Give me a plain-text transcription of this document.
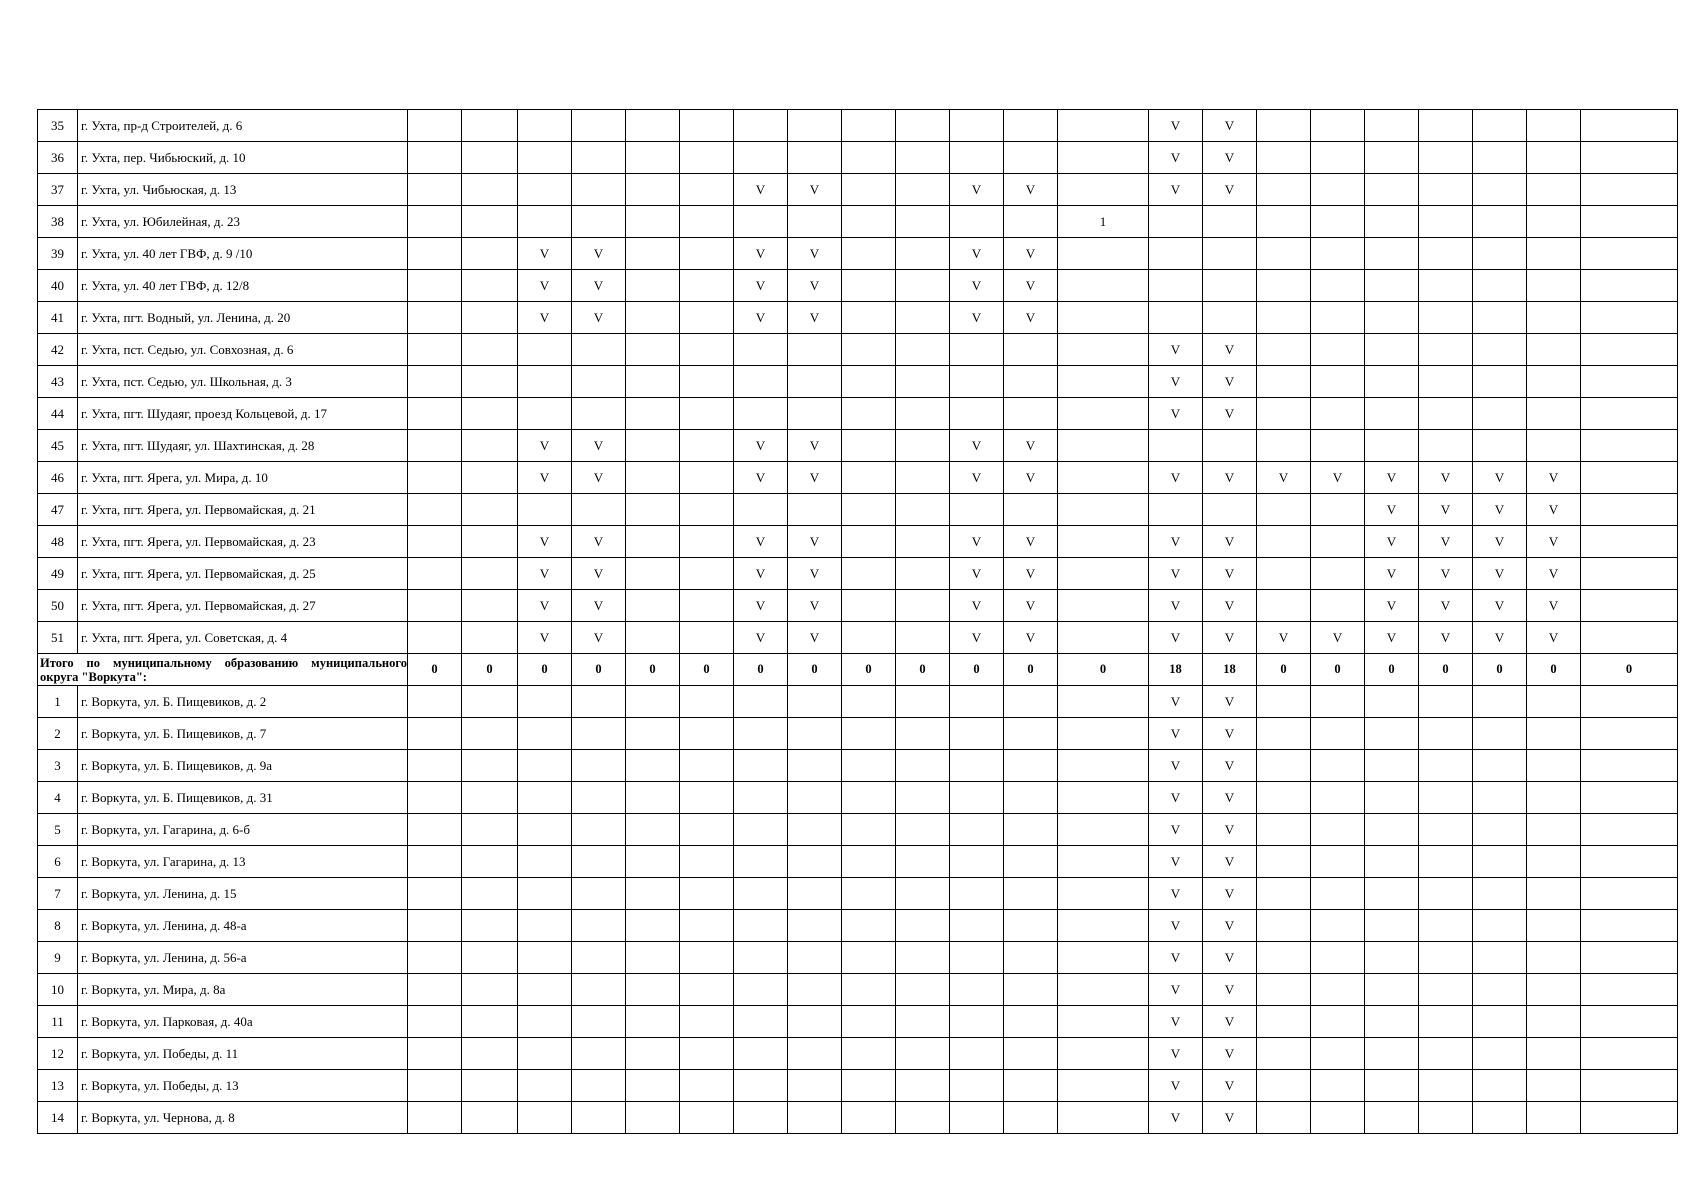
35	г. Ухта, пр-д Строителей, д. 6														V	V							
36	г. Ухта, пер. Чибьюский, д. 10														V	V							
37	г. Ухта, ул. Чибьюская, д. 13							V	V			V	V		V	V							
38	г. Ухта, ул. Юбилейная, д. 23													1									
39	г. Ухта, ул. 40 лет ГВФ, д. 9 /10			V	V			V	V			V	V										
40	г. Ухта, ул. 40 лет ГВФ, д. 12/8			V	V			V	V			V	V										
41	г. Ухта, пгт. Водный, ул. Ленина, д. 20			V	V			V	V			V	V										
42	г. Ухта, пст. Седью, ул. Совхозная, д. 6														V	V							
43	г. Ухта, пст. Седью, ул. Школьная, д. 3														V	V							
44	г. Ухта, пгт. Шудаяг, проезд Кольцевой, д. 17														V	V							
45	г. Ухта, пгт. Шудаяг, ул. Шахтинская, д. 28			V	V			V	V			V	V										
46	г. Ухта, пгт. Ярега, ул. Мира, д. 10			V	V			V	V			V	V		V	V	V	V	V	V	V	V	
47	г. Ухта, пгт. Ярега, ул. Первомайская, д. 21																		V	V	V	V	
48	г. Ухта, пгт. Ярега, ул. Первомайская, д. 23			V	V			V	V			V	V		V	V			V	V	V	V	
49	г. Ухта, пгт. Ярега, ул. Первомайская, д. 25			V	V			V	V			V	V		V	V			V	V	V	V	
50	г. Ухта, пгт. Ярега, ул. Первомайская, д. 27			V	V			V	V			V	V		V	V			V	V	V	V	
51	г. Ухта, пгт. Ярега, ул. Советская, д. 4			V	V			V	V			V	V		V	V	V	V	V	V	V	V	
Итого по муниципальному образованию муниципального округа "Воркута":		0	0	0	0	0	0	0	0	0	0	0	0	0	18	18	0	0	0	0	0	0	0
1	г. Воркута, ул. Б. Пищевиков, д. 2														V	V							
2	г. Воркута, ул. Б. Пищевиков, д. 7														V	V							
3	г. Воркута, ул. Б. Пищевиков, д. 9а														V	V							
4	г. Воркута, ул. Б. Пищевиков, д. 31														V	V							
5	г. Воркута, ул. Гагарина, д. 6-б														V	V							
6	г. Воркута, ул. Гагарина, д. 13														V	V							
7	г. Воркута, ул. Ленина, д. 15														V	V							
8	г. Воркута, ул. Ленина, д. 48-а														V	V							
9	г. Воркута, ул. Ленина, д. 56-а														V	V							
10	г. Воркута, ул. Мира, д. 8а														V	V							
11	г. Воркута, ул. Парковая, д. 40а														V	V							
12	г. Воркута, ул. Победы, д. 11														V	V							
13	г. Воркута, ул. Победы, д. 13														V	V							
14	г. Воркута, ул. Чернова, д. 8														V	V							
